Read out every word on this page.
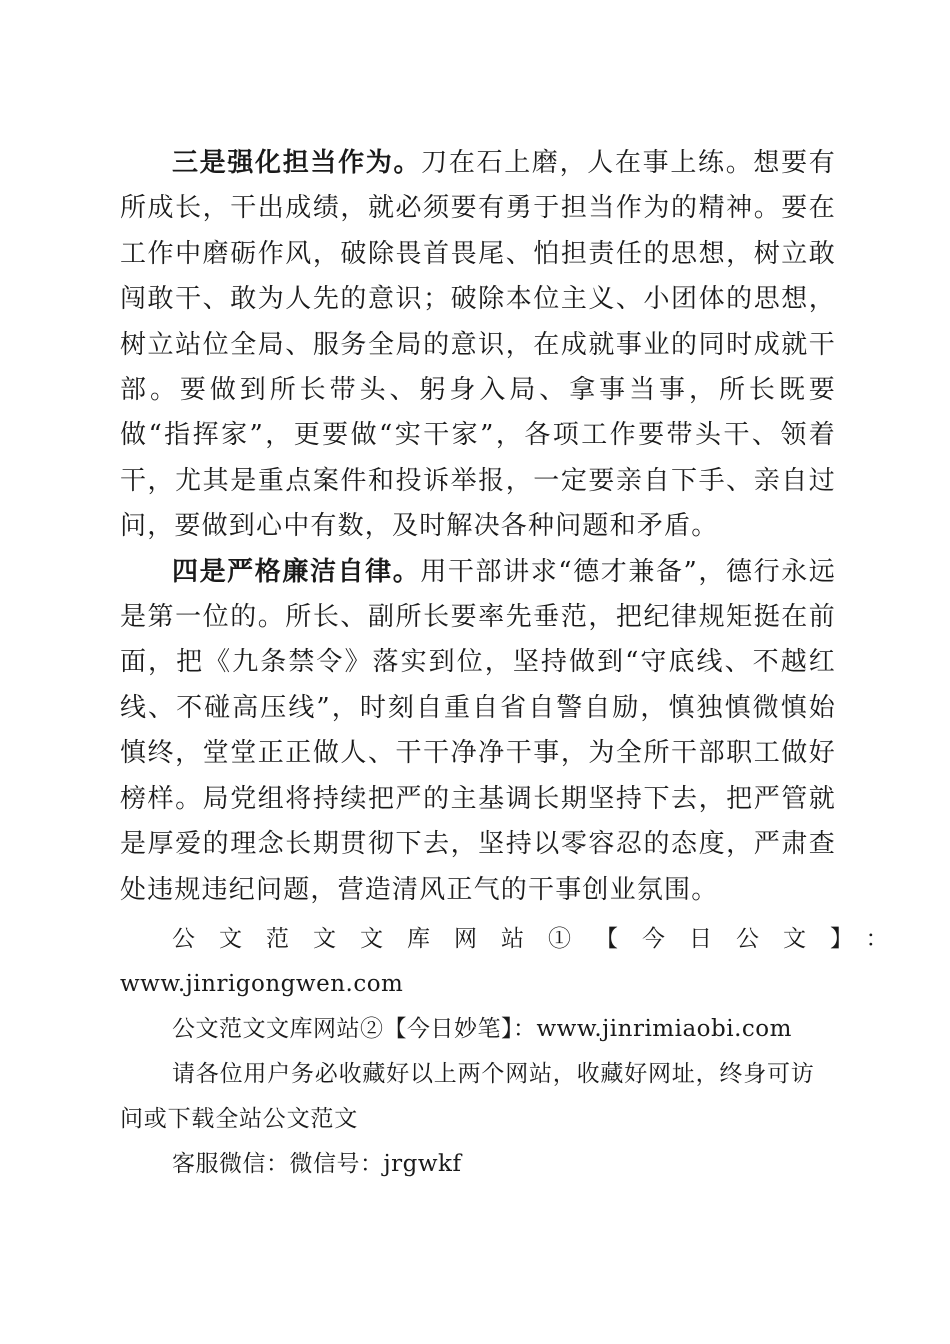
三是强化担当作为。刀在石上磨，人在事上练。想要有所成长，干出成绩，就必须要有勇于担当作为的精神。要在工作中磨砺作风，破除畏首畏尾、怕担责任的思想，树立敢闯敢干、敢为人先的意识；破除本位主义、小团体的思想，树立站位全局、服务全局的意识，在成就事业的同时成就干部。要做到所长带头、躬身入局、拿事当事，所长既要做“指挥家”，更要做“实干家”，各项工作要带头干、领着干，尤其是重点案件和投诉举报，一定要亲自下手、亲自过问，要做到心中有数，及时解决各种问题和矛盾。

四是严格廉洁自律。用干部讲求“德才兼备”，德行永远是第一位的。所长、副所长要率先垂范，把纪律规矩挺在前面，把《九条禁令》落实到位，坚持做到“守底线、不越红线、不碰高压线”，时刻自重自省自警自励，慎独慎微慎始慎终，堂堂正正做人、干干净净干事，为全所干部职工做好榜样。局党组将持续把严的主基调长期坚持下去，把严管就是厚爱的理念长期贯彻下去，坚持以零容忍的态度，严肃查处违规违纪问题，营造清风正气的干事创业氛围。

公文范文文库网站①【今日公文】：
www.jinrigongwen.com

公文范文文库网站②【今日妙笔】：www.jinrimiaobi.com

请各位用户务必收藏好以上两个网站，收藏好网址，终身可访问或下载全站公文范文

客服微信：微信号：jrgwkf
